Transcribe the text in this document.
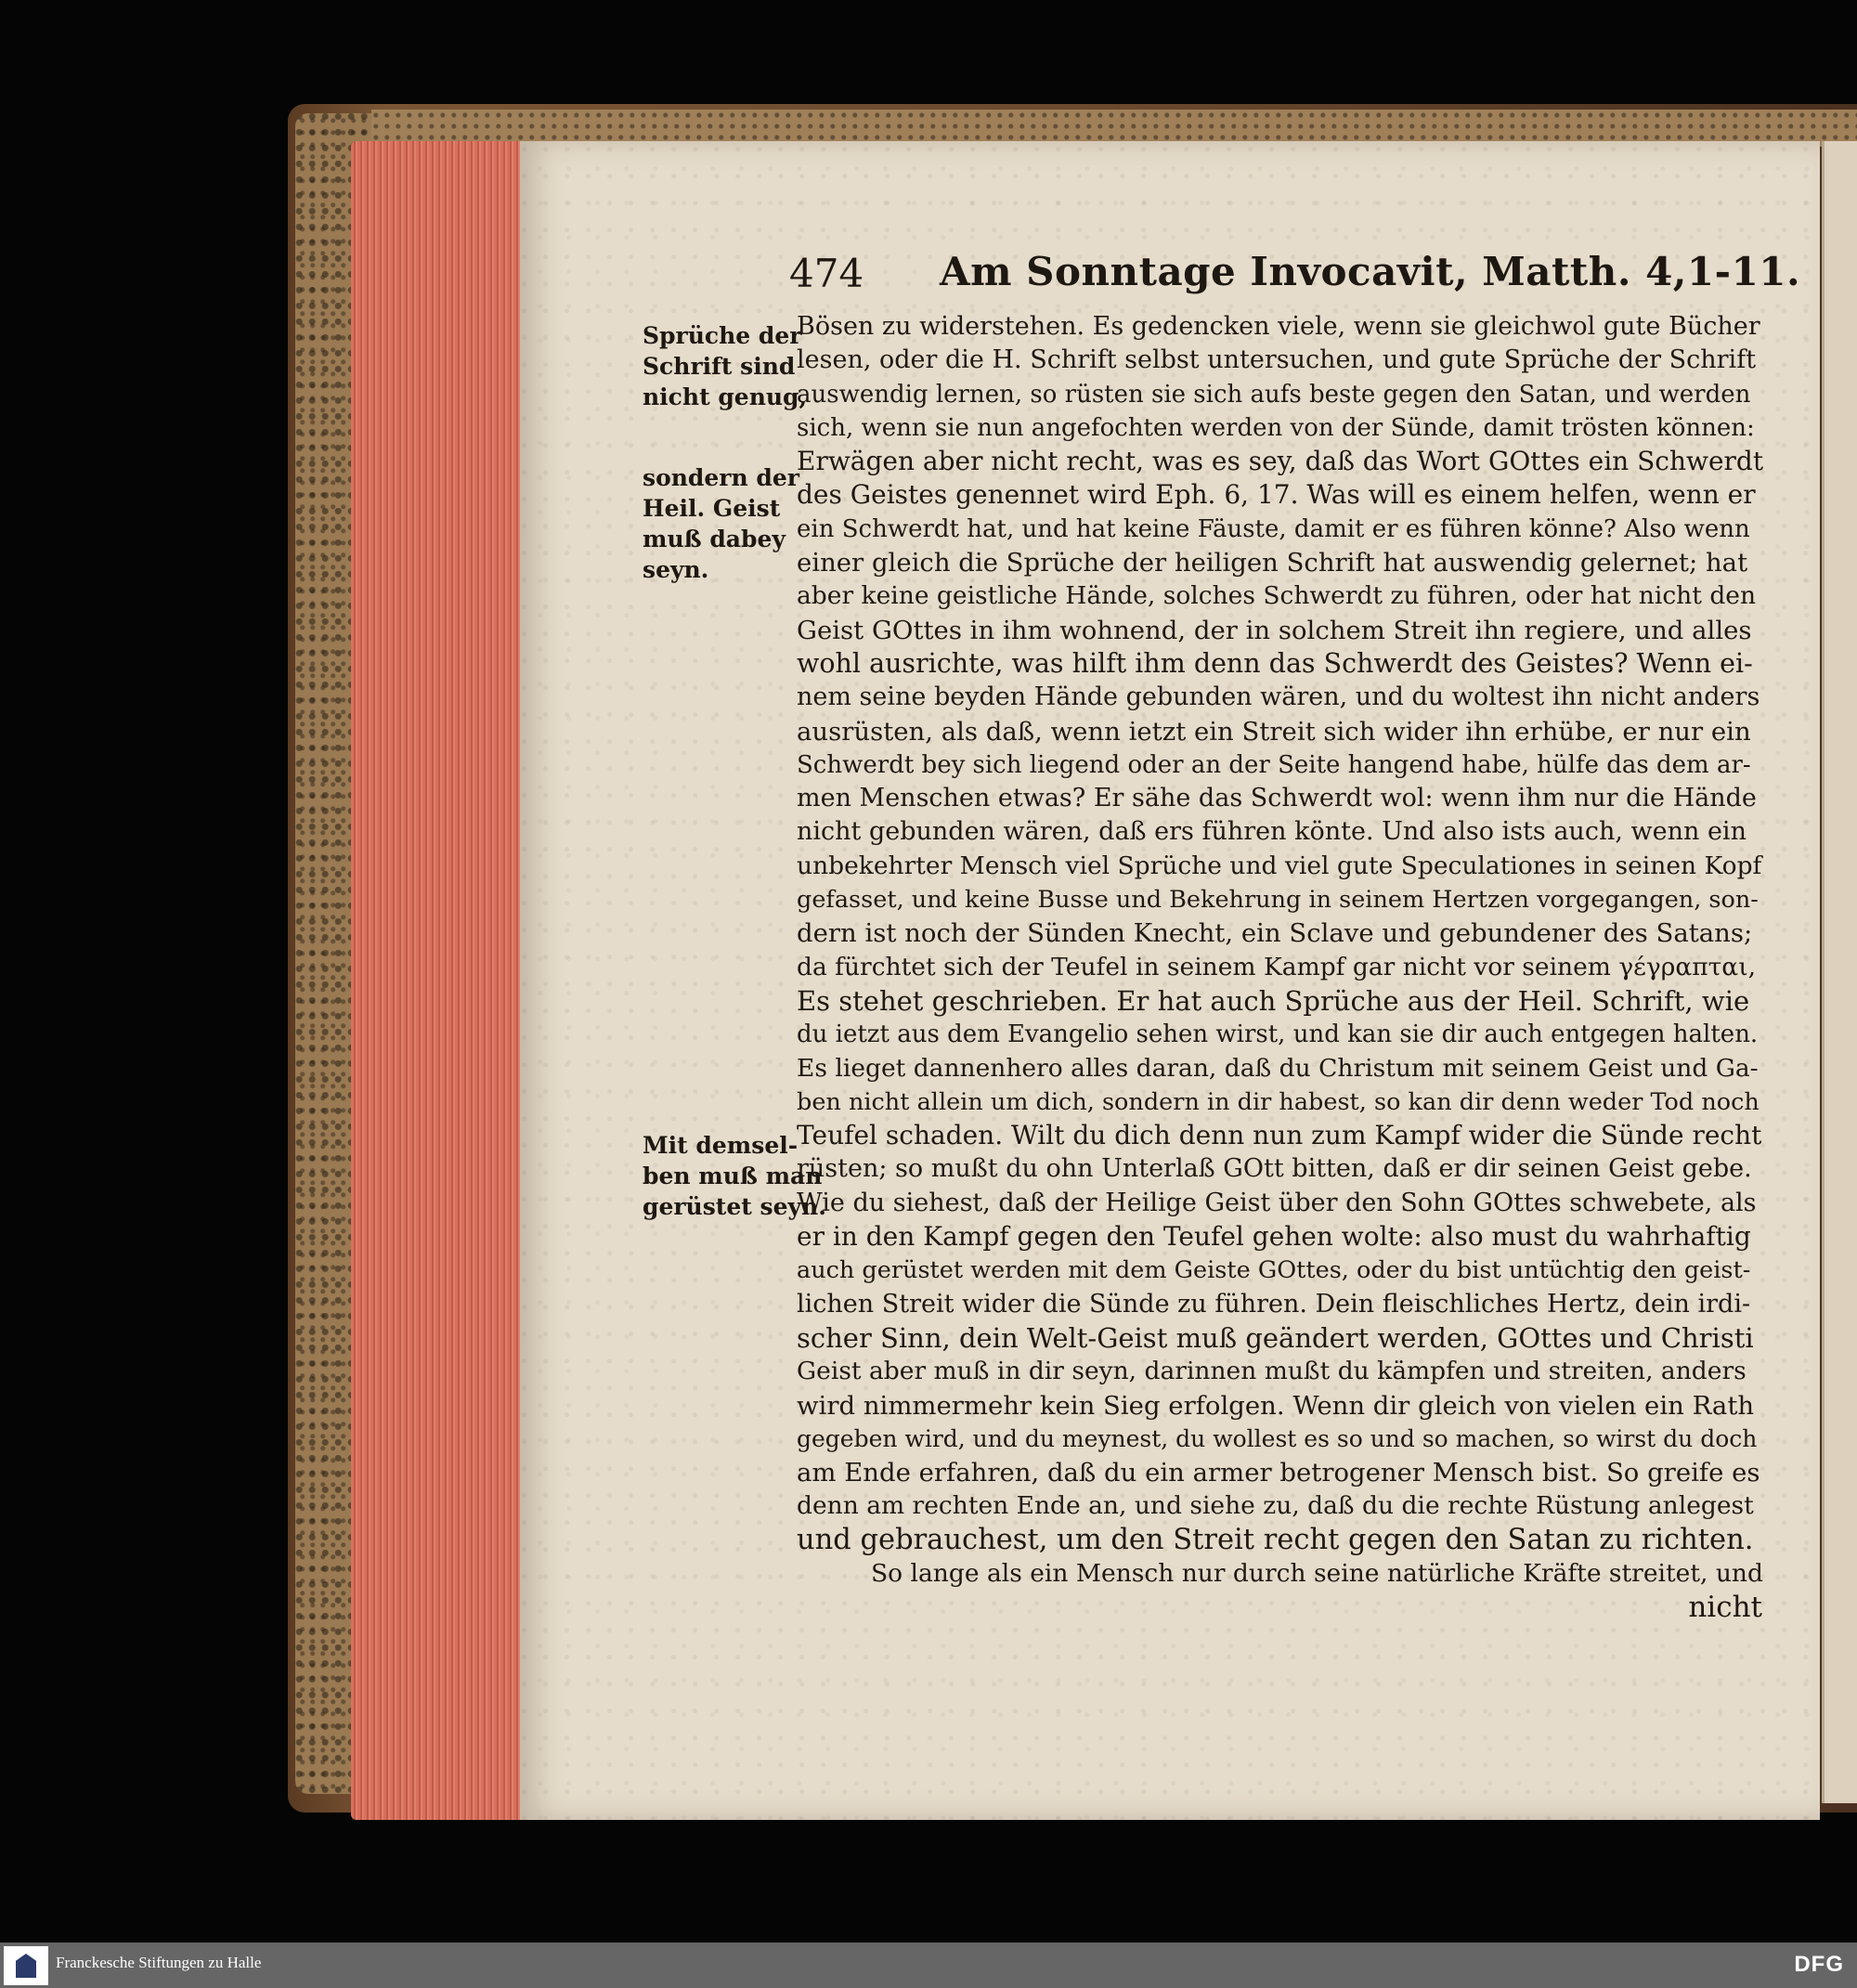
474 Am Sonntage Invocavit, Matth. 4,1-11.
Sprüche der
Schrift sind
nicht genug,
sondern der
Heil. Geist
muß dabey
seyn.
Mit demsel-
ben muß man
gerüstet seyn.
Bösen zu widerstehen. Es gedencken viele, wenn sie gleichwol gute Bücher
lesen, oder die H. Schrift selbst untersuchen, und gute Sprüche der Schrift
auswendig lernen, so rüsten sie sich aufs beste gegen den Satan, und werden
sich, wenn sie nun angefochten werden von der Sünde, damit trösten können:
Erwägen aber nicht recht, was es sey, daß das Wort GOttes ein Schwerdt
des Geistes genennet wird Eph. 6, 17. Was will es einem helfen, wenn er
ein Schwerdt hat, und hat keine Fäuste, damit er es führen könne? Also wenn
einer gleich die Sprüche der heiligen Schrift hat auswendig gelernet; hat
aber keine geistliche Hände, solches Schwerdt zu führen, oder hat nicht den
Geist GOttes in ihm wohnend, der in solchem Streit ihn regiere, und alles
wohl ausrichte, was hilft ihm denn das Schwerdt des Geistes? Wenn ei-
nem seine beyden Hände gebunden wären, und du woltest ihn nicht anders
ausrüsten, als daß, wenn ietzt ein Streit sich wider ihn erhübe, er nur ein
Schwerdt bey sich liegend oder an der Seite hangend habe, hülfe das dem ar-
men Menschen etwas? Er sähe das Schwerdt wol: wenn ihm nur die Hände
nicht gebunden wären, daß ers führen könte. Und also ists auch, wenn ein
unbekehrter Mensch viel Sprüche und viel gute Speculationes in seinen Kopf
gefasset, und keine Busse und Bekehrung in seinem Hertzen vorgegangen, son-
dern ist noch der Sünden Knecht, ein Sclave und gebundener des Satans;
da fürchtet sich der Teufel in seinem Kampf gar nicht vor seinem γέγραπται,
Es stehet geschrieben. Er hat auch Sprüche aus der Heil. Schrift, wie
du ietzt aus dem Evangelio sehen wirst, und kan sie dir auch entgegen halten.
Es lieget dannenhero alles daran, daß du Christum mit seinem Geist und Ga-
ben nicht allein um dich, sondern in dir habest, so kan dir denn weder Tod noch
Teufel schaden. Wilt du dich denn nun zum Kampf wider die Sünde recht
rüsten; so mußt du ohn Unterlaß GOtt bitten, daß er dir seinen Geist gebe.
Wie du siehest, daß der Heilige Geist über den Sohn GOttes schwebete, als
er in den Kampf gegen den Teufel gehen wolte: also must du wahrhaftig
auch gerüstet werden mit dem Geiste GOttes, oder du bist untüchtig den geist-
lichen Streit wider die Sünde zu führen. Dein fleischliches Hertz, dein irdi-
scher Sinn, dein Welt-Geist muß geändert werden, GOttes und Christi
Geist aber muß in dir seyn, darinnen mußt du kämpfen und streiten, anders
wird nimmermehr kein Sieg erfolgen. Wenn dir gleich von vielen ein Rath
gegeben wird, und du meynest, du wollest es so und so machen, so wirst du doch
am Ende erfahren, daß du ein armer betrogener Mensch bist. So greife es
denn am rechten Ende an, und siehe zu, daß du die rechte Rüstung anlegest
und gebrauchest, um den Streit recht gegen den Satan zu richten.
So lange als ein Mensch nur durch seine natürliche Kräfte streitet, und
nicht
Franckesche Stiftungen zu Halle	DFG
